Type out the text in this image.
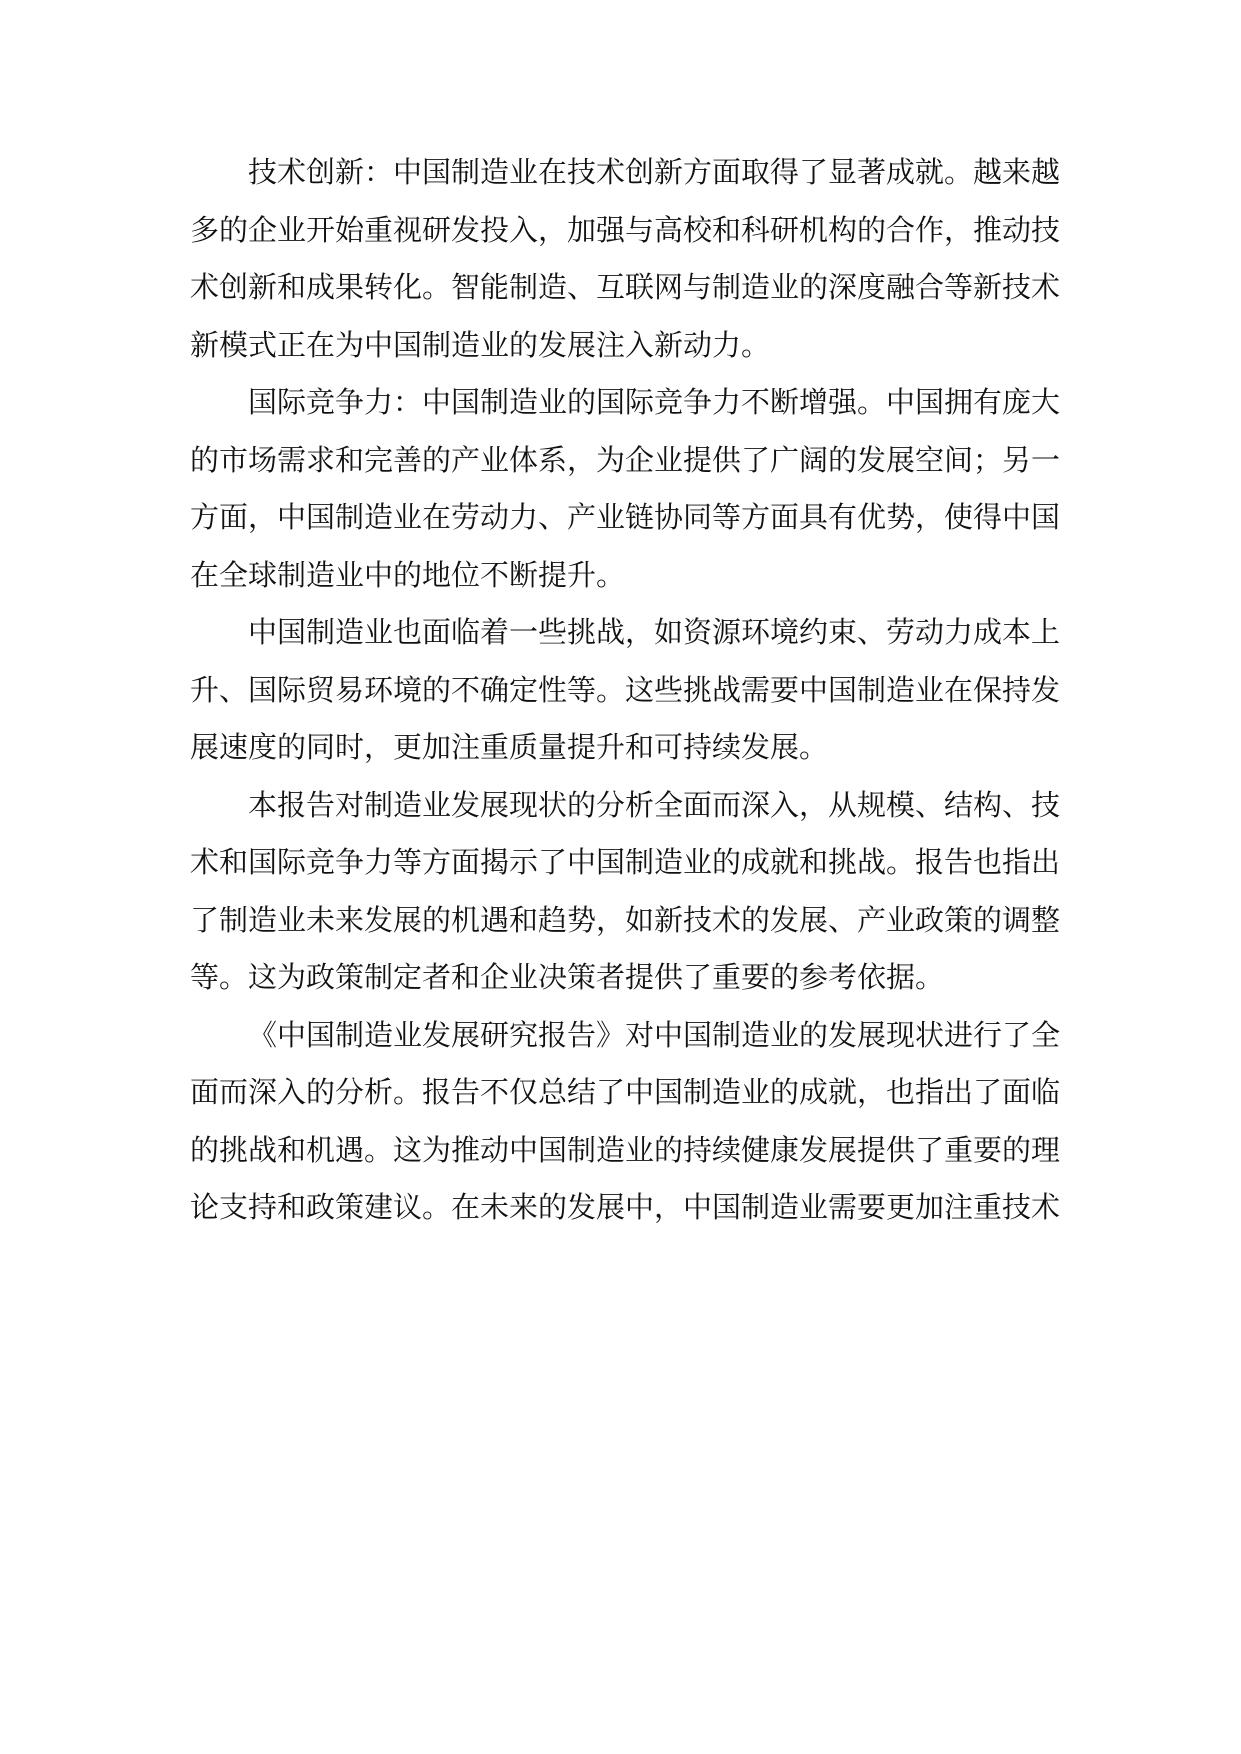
技术创新：中国制造业在技术创新方面取得了显著成就。越来越多的企业开始重视研发投入，加强与高校和科研机构的合作，推动技术创新和成果转化。智能制造、互联网与制造业的深度融合等新技术新模式正在为中国制造业的发展注入新动力。

国际竞争力：中国制造业的国际竞争力不断增强。中国拥有庞大的市场需求和完善的产业体系，为企业提供了广阔的发展空间；另一方面，中国制造业在劳动力、产业链协同等方面具有优势，使得中国在全球制造业中的地位不断提升。

中国制造业也面临着一些挑战，如资源环境约束、劳动力成本上升、国际贸易环境的不确定性等。这些挑战需要中国制造业在保持发展速度的同时，更加注重质量提升和可持续发展。

本报告对制造业发展现状的分析全面而深入，从规模、结构、技术和国际竞争力等方面揭示了中国制造业的成就和挑战。报告也指出了制造业未来发展的机遇和趋势，如新技术的发展、产业政策的调整等。这为政策制定者和企业决策者提供了重要的参考依据。

《中国制造业发展研究报告》对中国制造业的发展现状进行了全面而深入的分析。报告不仅总结了中国制造业的成就，也指出了面临的挑战和机遇。这为推动中国制造业的持续健康发展提供了重要的理论支持和政策建议。在未来的发展中，中国制造业需要更加注重技术
